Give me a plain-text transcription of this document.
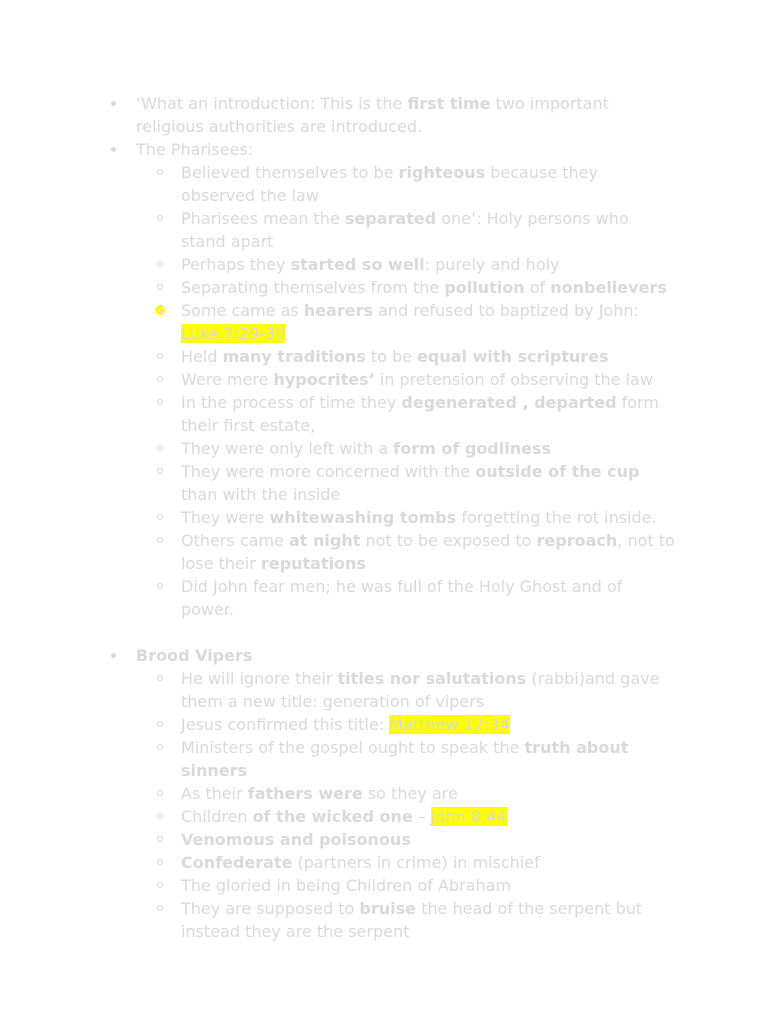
‘What an introduction: This is the first time two important religious authorities are introduced.
The Pharisees:
Believed themselves to be righteous because they observed the law
Pharisees mean the separated one’: Holy persons who stand apart
Perhaps they started so well: purely and holy
Separating themselves from the pollution of nonbelievers
Some came as hearers and refused to baptized by John: Luke 7:29-30
Held many traditions to be equal with scriptures
Were mere hypocrites’ in pretension of observing the law
In the process of time they degenerated , departed form their first estate,
They were only left with a form of godliness
They were more concerned with the outside of the cup than with the inside
They were whitewashing tombs forgetting the rot inside.
Others came at night not to be exposed to reproach, not to lose their reputations
Did John fear men; he was full of the Holy Ghost and of power.
Brood Vipers
He will ignore their titles nor salutations (rabbi)and gave them a new title: generation of vipers
Jesus confirmed this title: Matthew 12:34
Ministers of the gospel ought to speak the truth about sinners
As their fathers were so they are
Children of the wicked one – John 8:44
Venomous and poisonous
Confederate (partners in crime) in mischief
The gloried in being Children of Abraham
They are supposed to bruise the head of the serpent but instead they are the serpent
